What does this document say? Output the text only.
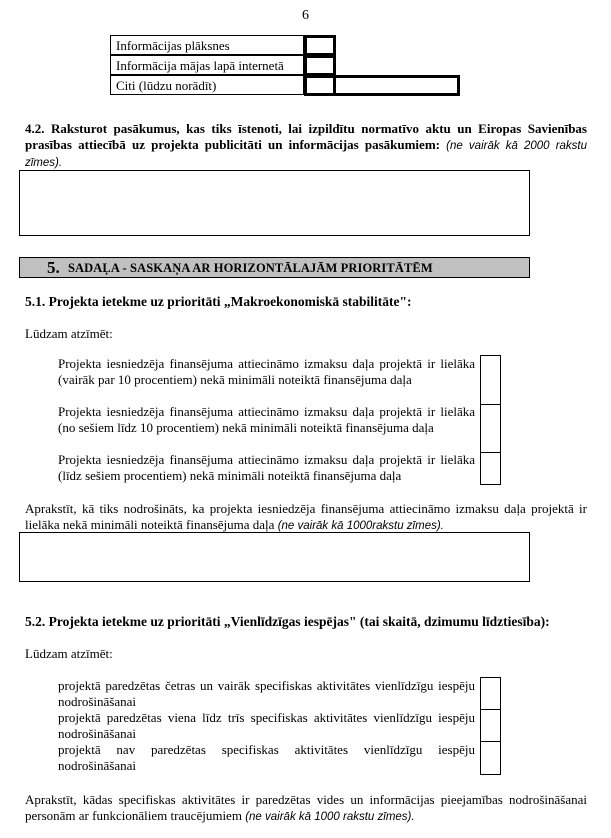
6
Informācijas plāksnes
Informācija mājas lapā internetā
Citi (lūdzu norādīt)
4.2. Raksturot pasākumus, kas tiks īstenoti, lai izpildītu normatīvo aktu un Eiropas Savienības prasības attiecībā uz projekta publicitāti un informācijas pasākumiem: (ne vairāk kā 2000 rakstu zīmes).
5. SADAĻA - SASKAŅA AR HORIZONTĀLAJĀM PRIORITĀTĒM
5.1. Projekta ietekme uz prioritāti „Makroekonomiskā stabilitāte":
Lūdzam atzīmēt:
Projekta iesniedzēja finansējuma attiecināmo izmaksu daļa projektā ir lielāka (vairāk par 10 procentiem) nekā minimāli noteiktā finansējuma daļa
Projekta iesniedzēja finansējuma attiecināmo izmaksu daļa projektā ir lielāka (no sešiem līdz 10 procentiem) nekā minimāli noteiktā finansējuma daļa
Projekta iesniedzēja finansējuma attiecināmo izmaksu daļa projektā ir lielāka (līdz sešiem procentiem) nekā minimāli noteiktā finansējuma daļa
Aprakstīt, kā tiks nodrošināts, ka projekta iesniedzēja finansējuma attiecināmo izmaksu daļa projektā ir lielāka nekā minimāli noteiktā finansējuma daļa (ne vairāk kā 1000rakstu zīmes).
5.2. Projekta ietekme uz prioritāti „Vienlīdzīgas iespējas" (tai skaitā, dzimumu līdztiesība):
Lūdzam atzīmēt:
projektā paredzētas četras un vairāk specifiskas aktivitātes vienlīdzīgu iespēju nodrošināšanai
projektā paredzētas viena līdz trīs specifiskas aktivitātes vienlīdzīgu iespēju nodrošināšanai
projektā nav paredzētas specifiskas aktivitātes vienlīdzīgu iespēju nodrošināšanai
Aprakstīt, kādas specifiskas aktivitātes ir paredzētas vides un informācijas pieejamības nodrošināšanai personām ar funkcionāliem traucējumiem (ne vairāk kā 1000 rakstu zīmes).
